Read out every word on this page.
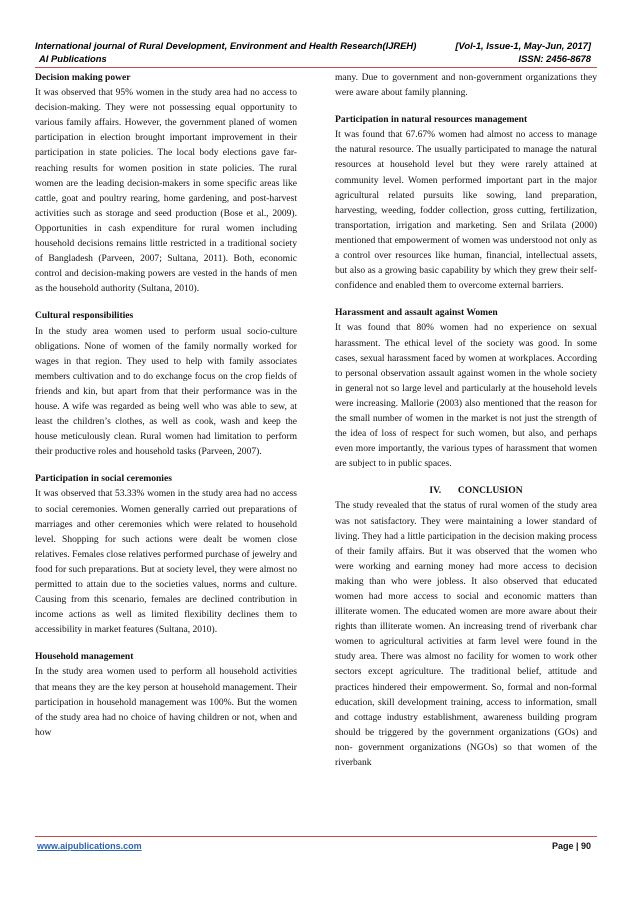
International journal of Rural Development, Environment and Health Research(IJREH)	[Vol-1, Issue-1, May-Jun, 2017]
AI Publications	ISSN: 2456-8678
Decision making power

It was observed that 95% women in the study area had no access to decision-making. They were not possessing equal opportunity to various family affairs. However, the government planed of women participation in election brought important improvement in their participation in state policies. The local body elections gave far-reaching results for women position in state policies. The rural women are the leading decision-makers in some specific areas like cattle, goat and poultry rearing, home gardening, and post-harvest activities such as storage and seed production (Bose et al., 2009). Opportunities in cash expenditure for rural women including household decisions remains little restricted in a traditional society of Bangladesh (Parveen, 2007; Sultana, 2011). Both, economic control and decision-making powers are vested in the hands of men as the household authority (Sultana, 2010).

Cultural responsibilities

In the study area women used to perform usual socio-culture obligations. None of women of the family normally worked for wages in that region. They used to help with family associates members cultivation and to do exchange focus on the crop fields of friends and kin, but apart from that their performance was in the house. A wife was regarded as being well who was able to sew, at least the children’s clothes, as well as cook, wash and keep the house meticulously clean. Rural women had limitation to perform their productive roles and household tasks (Parveen, 2007).

Participation in social ceremonies

It was observed that 53.33% women in the study area had no access to social ceremonies. Women generally carried out preparations of marriages and other ceremonies which were related to household level. Shopping for such actions were dealt be women close relatives. Females close relatives performed purchase of jewelry and food for such preparations. But at society level, they were almost no permitted to attain due to the societies values, norms and culture. Causing from this scenario, females are declined contribution in income actions as well as limited flexibility declines them to accessibility in market features (Sultana, 2010).

Household management

In the study area women used to perform all household activities that means they are the key person at household management. Their participation in household management was 100%. But the women of the study area had no choice of having children or not, when and how

many. Due to government and non-government organizations they were aware about family planning.

Participation in natural resources management

It was found that 67.67% women had almost no access to manage the natural resource. The usually participated to manage the natural resources at household level but they were rarely attained at community level. Women performed important part in the major agricultural related pursuits like sowing, land preparation, harvesting, weeding, fodder collection, gross cutting, fertilization, transportation, irrigation and marketing. Sen and Srilata (2000) mentioned that empowerment of women was understood not only as a control over resources like human, financial, intellectual assets, but also as a growing basic capability by which they grew their self- confidence and enabled them to overcome external barriers.

Harassment and assault against Women

It was found that 80% women had no experience on sexual harassment. The ethical level of the society was good. In some cases, sexual harassment faced by women at workplaces. According to personal observation assault against women in the whole society in general not so large level and particularly at the household levels were increasing. Mallorie (2003) also mentioned that the reason for the small number of women in the market is not just the strength of the idea of loss of respect for such women, but also, and perhaps even more importantly, the various types of harassment that women are subject to in public spaces.

IV. CONCLUSION

The study revealed that the status of rural women of the study area was not satisfactory. They were maintaining a lower standard of living. They had a little participation in the decision making process of their family affairs. But it was observed that the women who were working and earning money had more access to decision making than who were jobless. It also observed that educated women had more access to social and economic matters than illiterate women. The educated women are more aware about their rights than illiterate women. An increasing trend of riverbank char women to agricultural activities at farm level were found in the study area. There was almost no facility for women to work other sectors except agriculture. The traditional belief, attitude and practices hindered their empowerment. So, formal and non-formal education, skill development training, access to information, small and cottage industry establishment, awareness building program should be triggered by the government organizations (GOs) and non- government organizations (NGOs) so that women of the riverbank

www.aipublications.com	Page | 90
